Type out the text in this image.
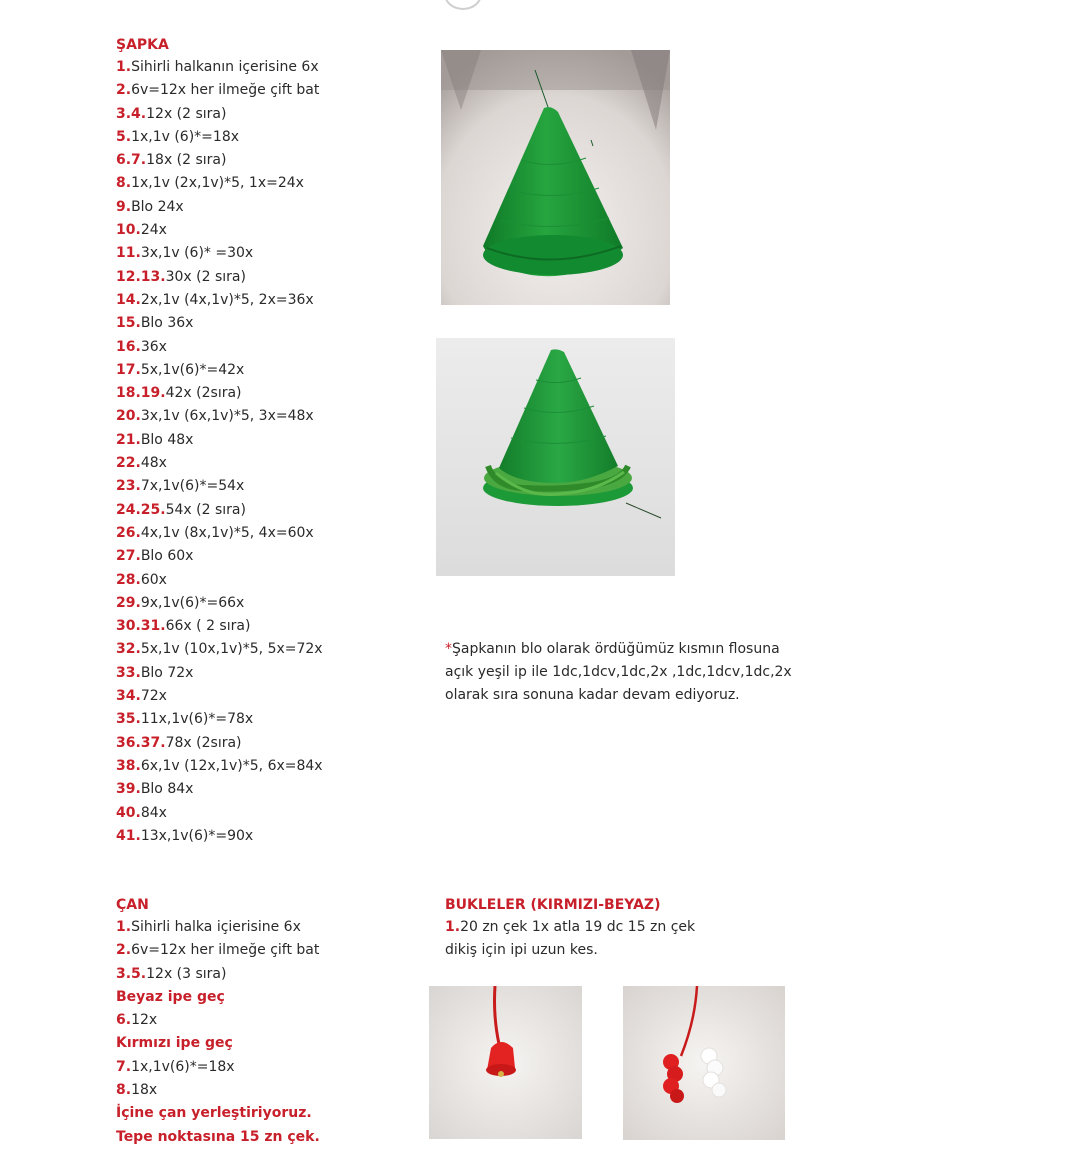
ŞAPKA
1.Sihirli halkanın içerisine 6x
2.6v=12x her ilmeğe çift bat
3.4.12x (2 sıra)
5.1x,1v (6)*=18x
6.7.18x (2 sıra)
8.1x,1v (2x,1v)*5, 1x=24x
9.Blo 24x
10.24x
11.3x,1v (6)* =30x
12.13.30x (2 sıra)
14.2x,1v (4x,1v)*5, 2x=36x
15.Blo 36x
16.36x
17.5x,1v(6)*=42x
18.19.42x (2sıra)
20.3x,1v (6x,1v)*5, 3x=48x
21.Blo 48x
22.48x
23.7x,1v(6)*=54x
24.25.54x (2 sıra)
26.4x,1v (8x,1v)*5, 4x=60x
27.Blo 60x
28.60x
29.9x,1v(6)*=66x
30.31.66x ( 2 sıra)
32.5x,1v (10x,1v)*5, 5x=72x
33.Blo 72x
34.72x
35.11x,1v(6)*=78x
36.37.78x (2sıra)
38.6x,1v (12x,1v)*5, 6x=84x
39.Blo 84x
40.84x
41.13x,1v(6)*=90x
*Şapkanın blo olarak ördüğümüz kısmın flosuna
açık yeşil ip ile 1dc,1dcv,1dc,2x ,1dc,1dcv,1dc,2x
olarak sıra sonuna kadar devam ediyoruz.
ÇAN
1.Sihirli halka içierisine 6x
2.6v=12x her ilmeğe çift bat
3.5.12x (3 sıra)
Beyaz ipe geç
6.12x
Kırmızı ipe geç
7.1x,1v(6)*=18x
8.18x
İçine çan yerleştiriyoruz.
Tepe noktasına 15 zn çek.
BUKLELER (KIRMIZI-BEYAZ)
1.20 zn çek 1x atla 19 dc 15 zn çek
dikiş için ipi uzun kes.
